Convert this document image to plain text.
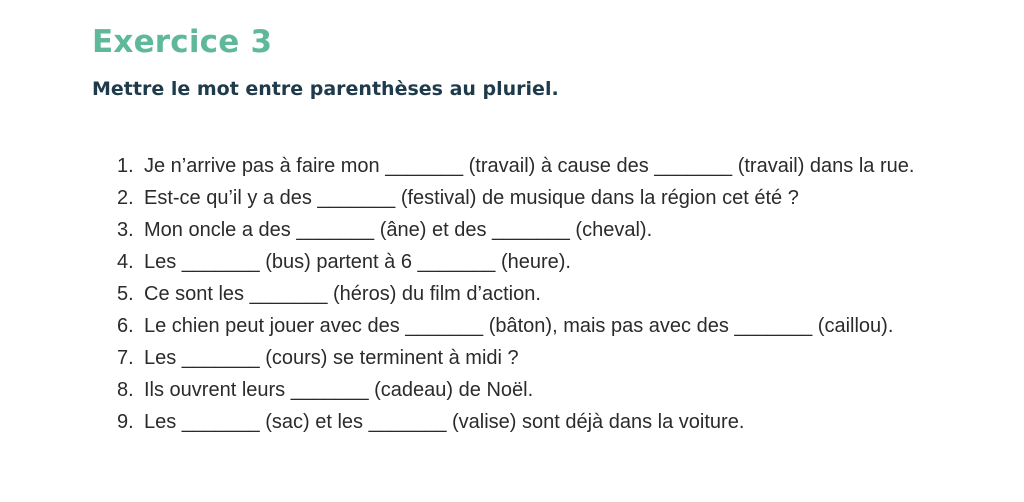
Exercice 3
Mettre le mot entre parenthèses au pluriel.
1. Je n’arrive pas à faire mon _______ (travail) à cause des _______ (travail) dans la rue.
2. Est-ce qu’il y a des _______ (festival) de musique dans la région cet été ?
3. Mon oncle a des _______ (âne) et des _______ (cheval).
4. Les _______ (bus) partent à 6 _______ (heure).
5. Ce sont les _______ (héros) du film d’action.
6. Le chien peut jouer avec des _______ (bâton), mais pas avec des _______ (caillou).
7. Les _______ (cours) se terminent à midi ?
8. Ils ouvrent leurs _______ (cadeau) de Noël.
9. Les _______ (sac) et les _______ (valise) sont déjà dans la voiture.
